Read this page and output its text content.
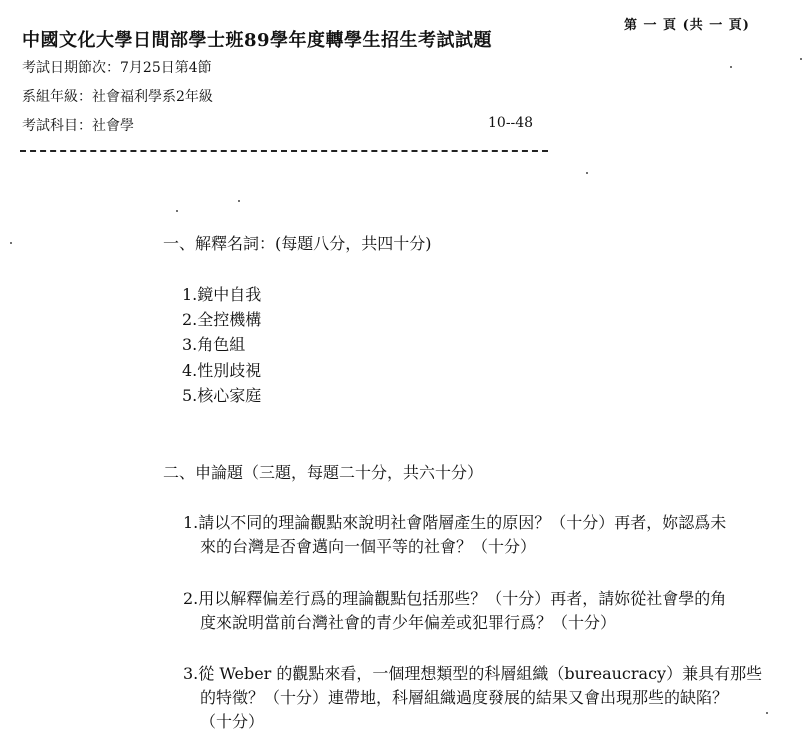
中國文化大學日間部學士班89學年度轉學生招生考試試題
第 一 頁 (共 一 頁)
考試日期節次：7月25日第4節
系組年級：社會福利學系2年級
考試科目：社會學	10--48
一、解釋名詞：(每題八分，共四十分)
1.鏡中自我
2.全控機構
3.角色組
4.性別歧視
5.核心家庭
二、申論題（三題，每題二十分，共六十分）
1.請以不同的理論觀點來說明社會階層產生的原因？（十分）再者，妳認爲未
來的台灣是否會邁向一個平等的社會？（十分）
2.用以解釋偏差行爲的理論觀點包括那些？（十分）再者，請妳從社會學的角
度來說明當前台灣社會的青少年偏差或犯罪行爲？（十分）
3.從 Weber 的觀點來看，一個理想類型的科層組織（bureaucracy）兼具有那些
的特徵？（十分）連帶地，科層組織過度發展的結果又會出現那些的缺陷？
（十分）
